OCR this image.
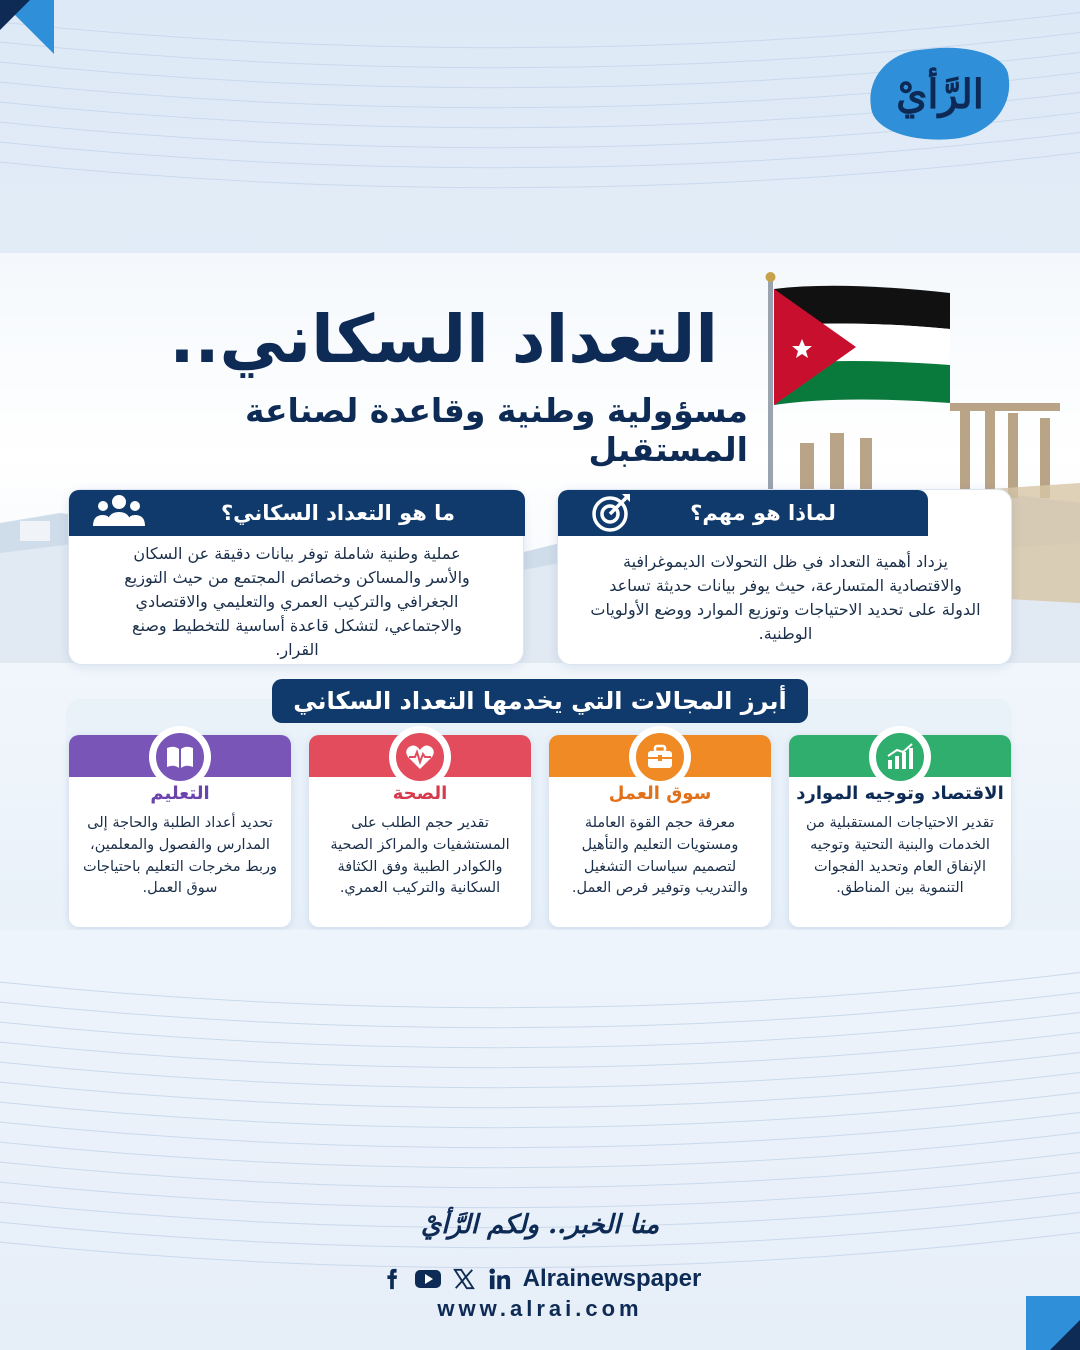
الرَّأيْ
التعداد السكاني..
مسؤولية وطنية وقاعدة لصناعة المستقبل
ما هو التعداد السكاني؟
عملية وطنية شاملة توفر بيانات دقيقة عن السكان والأسر والمساكن وخصائص المجتمع من حيث التوزيع الجغرافي والتركيب العمري والتعليمي والاقتصادي والاجتماعي، لتشكل قاعدة أساسية للتخطيط وصنع القرار.
لماذا هو مهم؟
يزداد أهمية التعداد في ظل التحولات الديموغرافية والاقتصادية المتسارعة، حيث يوفر بيانات حديثة تساعد الدولة على تحديد الاحتياجات وتوزيع الموارد ووضع الأولويات الوطنية.
أبرز المجالات التي يخدمها التعداد السكاني
الاقتصاد وتوجيه الموارد
تقدير الاحتياجات المستقبلية من الخدمات والبنية التحتية وتوجيه الإنفاق العام وتحديد الفجوات التنموية بين المناطق.
سوق العمل
معرفة حجم القوة العاملة ومستويات التعليم والتأهيل لتصميم سياسات التشغيل والتدريب وتوفير فرص العمل.
الصحة
تقدير حجم الطلب على المستشفيات والمراكز الصحية والكوادر الطبية وفق الكثافة السكانية والتركيب العمري.
التعليم
تحديد أعداد الطلبة والحاجة إلى المدارس والفصول والمعلمين، وربط مخرجات التعليم باحتياجات سوق العمل.
منا الخبر.. ولكم الرَّأيْ
Alrainewspaper
www.alrai.com
